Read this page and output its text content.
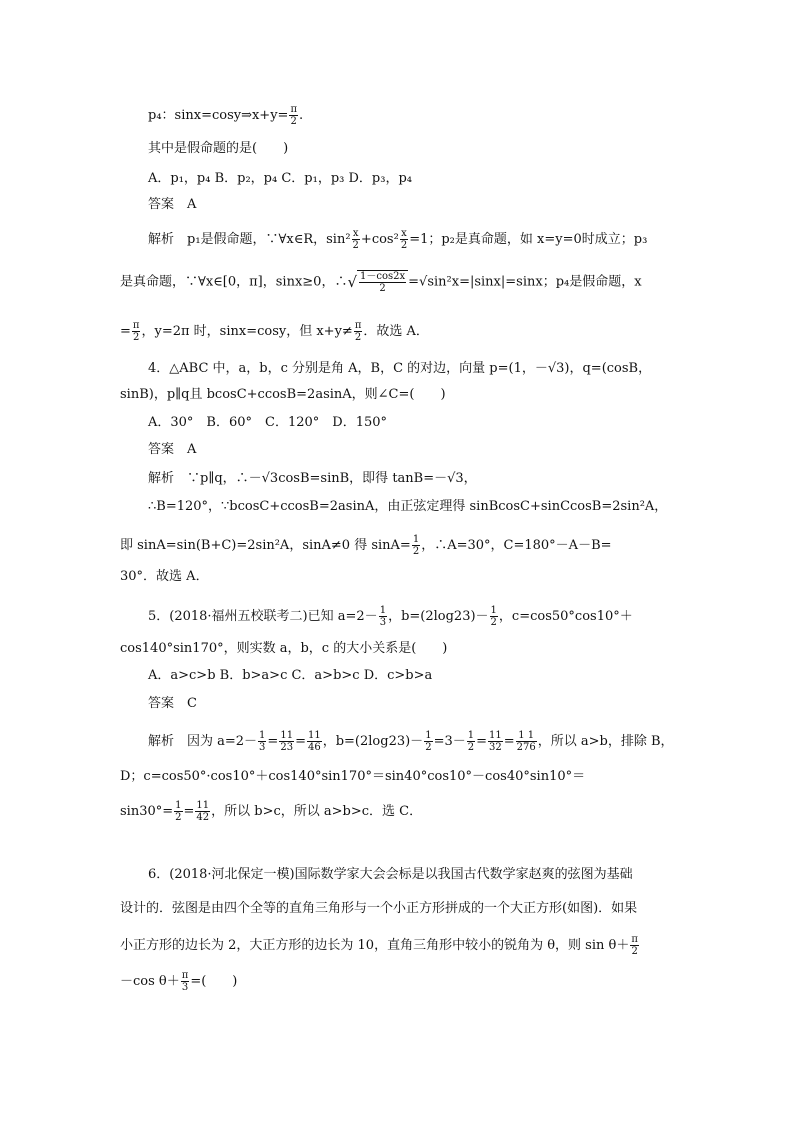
p₄：sinx=cosy⇒x+y= $\frac{\pi}{2}$ .
其中是假命题的是(　　)
A．p₁，p₄ B．p₂，p₄ C．p₁，p₃ D．p₃，p₄
答案　A
解析　p₁是假命题，∵∀x∈R，$\sin^2 \frac{x}{2} +\cos^2 \frac{x}{2} =1$；p₂是真命题，如 x=y=0时成立；p₃
是真命题，∵∀x∈[0，π]，sinx≥0，∴√ $\frac{1-\cos 2x}{2} =√\sin^2x=|\sin x|=\sin x$；p₄是假命题，x
= $\frac{\pi}{2}$ ，y=2π 时，sinx=cosy，但 $x+y\ne \frac{\pi}{2}$ ．故选 A．
4．△ABC 中，a，b，c 分别是角 A，B，C 的对边，向量 p=(1，－√3)，q=(cosB，
sinB)，p∥q且 bcosC+ccosB=2asinA，则∠C=(　　)
A．30°　B．60°　C．120°　D．150°
答案　A
解析　∵p∥q，∴－√3cosB=sinB，即得 tanB=－√3，
∴B=120°，∵bcosC+ccosB=2asinA，由正弦定理得 sinBcosC+sinCcosB=2sin²A，
即 sinA=sin(B+C)=2sin²A，sinA≠0 得 $\sin A= \frac{1}{2}$ ，∴A=30°，C=180°－A－B=
30°．故选 A．
5．(2018·福州五校联考二)已知 $a=2- \frac{1}{3}$ ，$b=(2\log 23)- \frac{1}{2}$ ，c=cos50°cos10°＋
cos140°sin170°，则实数 a，b，c 的大小关系是(　　)
A．a>c>b B．b>a>c C．a>b>c D．c>b>a
答案　C
解析　因为 $a=2- \frac{1}{3} = \frac{11}{23} = \frac{11}{46}$ ，$b=(2\log 23)- \frac{1}{2} =3- \frac{1}{2} = \frac{11}{32} = \frac{1 1}{276}$ ，所以 a>b，排除 B，
D；c=cos50°·cos10°＋cos140°sin170°＝sin40°cos10°－cos40°sin10°＝
$\sin 30^\circ= \frac{1}{2} = \frac{11}{42}$ ，所以 b>c，所以 a>b>c．选 C．
6．(2018·河北保定一模)国际数学家大会会标是以我国古代数学家赵爽的弦图为基础
设计的．弦图是由四个全等的直角三角形与一个小正方形拼成的一个大正方形(如图)．如果
小正方形的边长为 2，大正方形的边长为 10，直角三角形中较小的锐角为 θ，则 $\sin \theta+ \frac{\pi}{2}$
－cos $\theta+ \frac{\pi}{3}$ =(　　)
